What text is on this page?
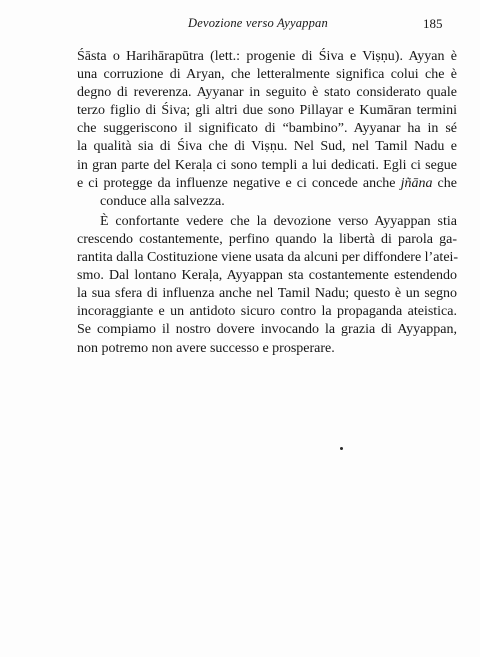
Devozione verso Ayyappan	185
Śāsta o Harihārapūtra (lett.: progenie di Śiva e Viṣṇu). Ayyan è
una corruzione di Aryan, che letteralmente significa colui che è
degno di reverenza. Ayyanar in seguito è stato considerato quale
terzo figlio di Śiva; gli altri due sono Pillayar e Kumāran termini
che suggeriscono il significato di “bambino”. Ayyanar ha in sé
la qualità sia di Śiva che di Viṣṇu. Nel Sud, nel Tamil Nadu e
in gran parte del Keraḷa ci sono templi a lui dedicati. Egli ci segue
e ci protegge da influenze negative e ci concede anche jñāna che
conduce alla salvezza.
È confortante vedere che la devozione verso Ayyappan stia
crescendo costantemente, perfino quando la libertà di parola ga-
rantita dalla Costituzione viene usata da alcuni per diffondere l’atei-
smo. Dal lontano Keraḷa, Ayyappan sta costantemente estendendo
la sua sfera di influenza anche nel Tamil Nadu; questo è un segno
incoraggiante e un antidoto sicuro contro la propaganda ateistica.
Se compiamo il nostro dovere invocando la grazia di Ayyappan,
non potremo non avere successo e prosperare.
